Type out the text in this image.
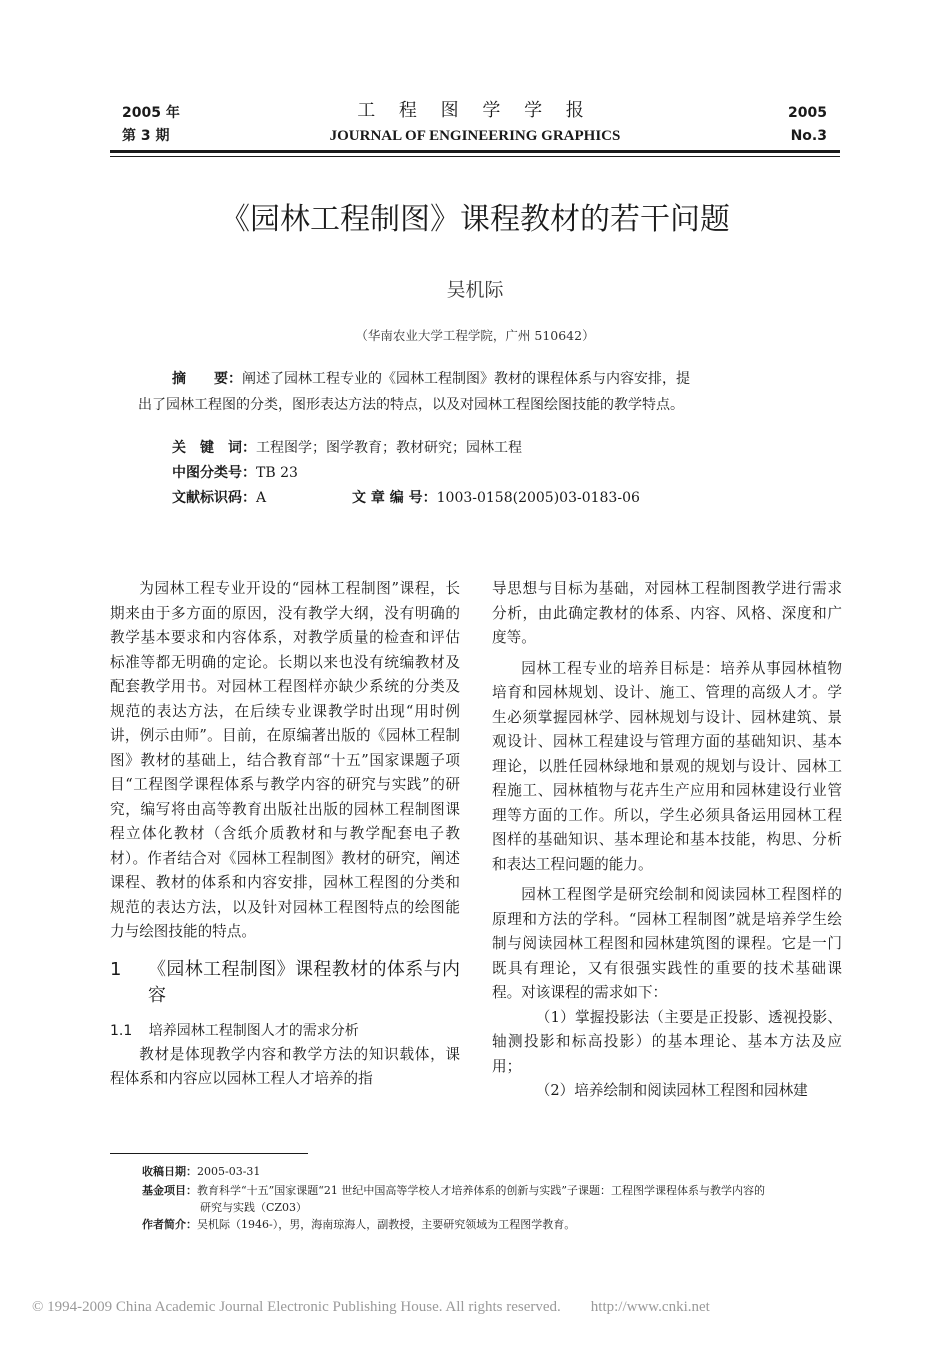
2005 年
第 3 期
工 程 图 学 学 报
JOURNAL OF ENGINEERING GRAPHICS
2005
No.3
《园林工程制图》课程教材的若干问题
吴机际
（华南农业大学工程学院，广州 510642）
摘　　要：阐述了园林工程专业的《园林工程制图》教材的课程体系与内容安排，提
出了园林工程图的分类，图形表达方法的特点，以及对园林工程图绘图技能的教学特点。
关　键　词：工程图学；图学教育；教材研究；园林工程
中图分类号：TB 23
文献标识码：A	文 章 编 号：1003-0158(2005)03-0183-06

为园林工程专业开设的“园林工程制图”课程，长期来由于多方面的原因，没有教学大纲，没有明确的教学基本要求和内容体系，对教学质量的检查和评估标准等都无明确的定论。长期以来也没有统编教材及配套教学用书。对园林工程图样亦缺少系统的分类及规范的表达方法，在后续专业课教学时出现“用时例讲，例示由师”。目前，在原编著出版的《园林工程制图》教材的基础上，结合教育部“十五”国家课题子项目“工程图学课程体系与教学内容的研究与实践”的研究，编写将由高等教育出版社出版的园林工程制图课程立体化教材（含纸介质教材和与教学配套电子教材）。作者结合对《园林工程制图》教材的研究，阐述课程、教材的体系和内容安排，园林工程图的分类和规范的表达方法，以及针对园林工程图特点的绘图能力与绘图技能的特点。

1	《园林工程制图》课程教材的体系与内容
1.1 培养园林工程制图人才的需求分析

教材是体现教学内容和教学方法的知识载体，课程体系和内容应以园林工程人才培养的指

导思想与目标为基础，对园林工程制图教学进行需求分析，由此确定教材的体系、内容、风格、深度和广度等。

园林工程专业的培养目标是：培养从事园林植物培育和园林规划、设计、施工、管理的高级人才。学生必须掌握园林学、园林规划与设计、园林建筑、景观设计、园林工程建设与管理方面的基础知识、基本理论，以胜任园林绿地和景观的规划与设计、园林工程施工、园林植物与花卉生产应用和园林建设行业管理等方面的工作。所以，学生必须具备运用园林工程图样的基础知识、基本理论和基本技能，构思、分析和表达工程问题的能力。

园林工程图学是研究绘制和阅读园林工程图样的原理和方法的学科。“园林工程制图”就是培养学生绘制与阅读园林工程图和园林建筑图的课程。它是一门既具有理论，又有很强实践性的重要的技术基础课程。对该课程的需求如下：

（1）掌握投影法（主要是正投影、透视投影、轴测投影和标高投影）的基本理论、基本方法及应用；

（2）培养绘制和阅读园林工程图和园林建

收稿日期：2005-03-31
基金项目：教育科学“十五”国家课题“21 世纪中国高等学校人才培养体系的创新与实践”子课题：工程图学课程体系与教学内容的
研究与实践（CZ03）
作者简介：吴机际（1946-），男，海南琼海人，副教授，主要研究领域为工程图学教育。
© 1994-2009 China Academic Journal Electronic Publishing House. All rights reserved.　　http://www.cnki.net
